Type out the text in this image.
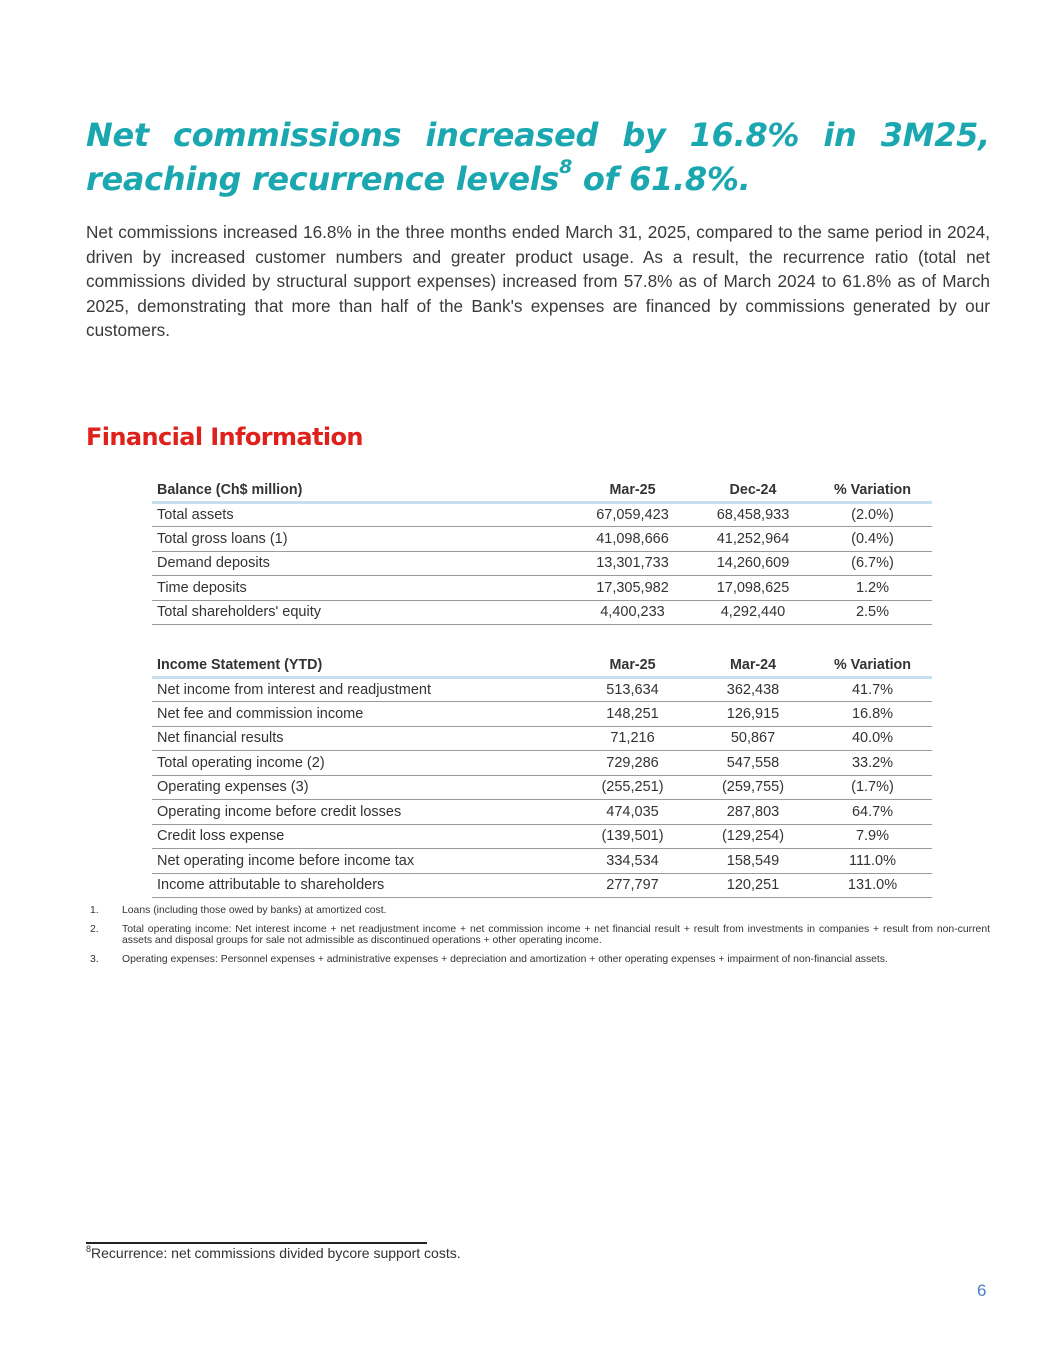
Net commissions increased by 16.8% in 3M25, reaching recurrence levels$^8$ of 61.8%.

Net commissions increased 16.8% in the three months ended March 31, 2025, compared to the same period in 2024, driven by increased customer numbers and greater product usage. As a result, the recurrence ratio (total net commissions divided by structural support expenses) increased from 57.8% as of March 2024 to 61.8% as of March 2025, demonstrating that more than half of the Bank's expenses are financed by commissions generated by our customers.

Financial Information
Balance (Ch$ million)	Mar-25	Dec-24	% Variation
Total assets	67,059,423	68,458,933	(2.0%)
Total gross loans (1)	41,098,666	41,252,964	(0.4%)
Demand deposits	13,301,733	14,260,609	(6.7%)
Time deposits	17,305,982	17,098,625	1.2%
Total shareholders' equity	4,400,233	4,292,440	2.5%
Income Statement (YTD)	Mar-25	Mar-24	% Variation
Net income from interest and readjustment	513,634	362,438	41.7%
Net fee and commission income	148,251	126,915	16.8%
Net financial results	71,216	50,867	40.0%
Total operating income (2)	729,286	547,558	33.2%
Operating expenses (3)	(255,251)	(259,755)	(1.7%)
Operating income before credit losses	474,035	287,803	64.7%
Credit loss expense	(139,501)	(129,254)	7.9%
Net operating income before income tax	334,534	158,549	111.0%
Income attributable to shareholders	277,797	120,251	131.0%
1.	Loans (including those owed by banks) at amortized cost.
2.	Total operating income: Net interest income + net readjustment income + net commission income + net financial result + result from investments in companies + result from non-current assets and disposal groups for sale not admissible as discontinued operations + other operating income.
3.	Operating expenses: Personnel expenses + administrative expenses + depreciation and amortization + other operating expenses + impairment of non-financial assets.
$^8$Recurrence: net commissions divided bycore support costs.
6
